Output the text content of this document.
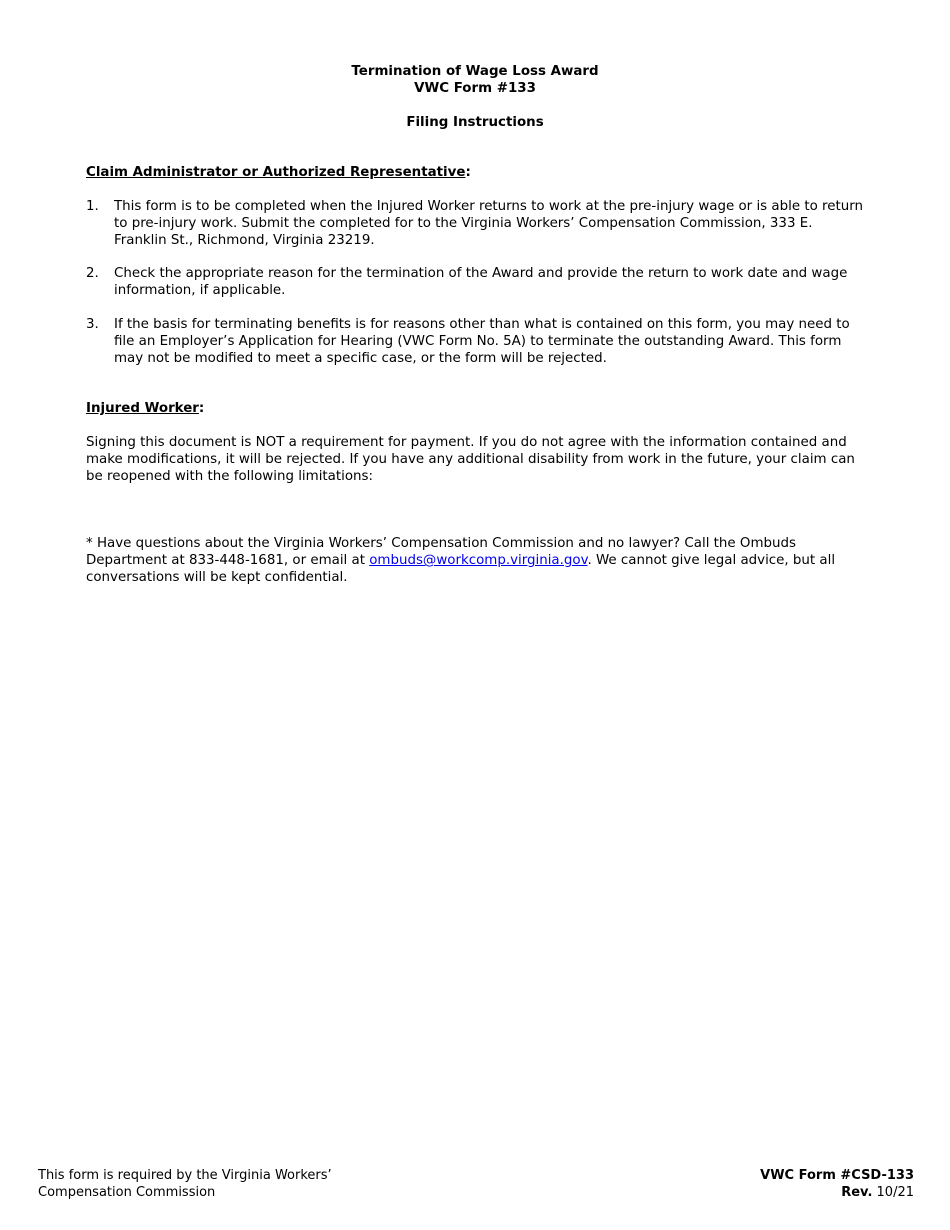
Termination of Wage Loss Award
VWC Form #133
Filing Instructions
Claim Administrator or Authorized Representative:
1. This form is to be completed when the Injured Worker returns to work at the pre-injury wage or is able to return to pre-injury work. Submit the completed for to the Virginia Workers’ Compensation Commission, 333 E. Franklin St., Richmond, Virginia 23219.
2. Check the appropriate reason for the termination of the Award and provide the return to work date and wage information, if applicable.
3. If the basis for terminating benefits is for reasons other than what is contained on this form, you may need to file an Employer’s Application for Hearing (VWC Form No. 5A) to terminate the outstanding Award. This form may not be modified to meet a specific case, or the form will be rejected.
Injured Worker:

Signing this document is NOT a requirement for payment. If you do not agree with the information contained and make modifications, it will be rejected. If you have any additional disability from work in the future, your claim can be reopened with the following limitations:

* Have questions about the Virginia Workers’ Compensation Commission and no lawyer? Call the Ombuds Department at 833-448-1681, or email at ombuds@workcomp.virginia.gov. We cannot give legal advice, but all conversations will be kept confidential.

This form is required by the Virginia Workers’
Compensation Commission
VWC Form #CSD-133
Rev. 10/21
